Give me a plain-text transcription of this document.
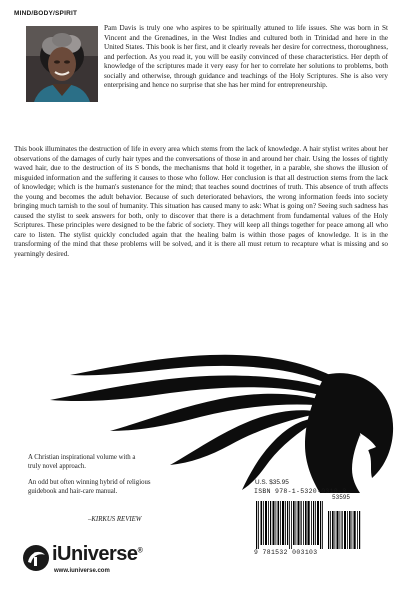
MIND/BODY/SPIRIT
Pam Davis is truly one who aspires to be spiritually attuned to life issues. She was born in St Vincent and the Grenadines, in the West Indies and cultured both in Trinidad and here in the United States. This book is her first, and it clearly reveals her desire for correctness, thoroughness, and perfection. As you read it, you will be easily convinced of these characteristics. Her depth of knowledge of the scriptures made it very easy for her to correlate her solutions to problems, both socially and otherwise, through guidance and teachings of the Holy Scriptures. She is also very enterprising and hence no surprise that she has her mind for entrepreneurship.
This book illuminates the destruction of life in every area which stems from the lack of knowledge. A hair stylist writes about her observations of the damages of curly hair types and the conversations of those in and around her chair. Using the losses of tightly waved hair, due to the destruction of its S bonds, the mechanisms that hold it together, in a parable, she shows the illusion of misguided information and the suffering it causes to those who follow. Her conclusion is that all destruction stems from the lack of knowledge; which is the human's sustenance for the mind; that teaches sound doctrines of truth. This absence of truth affects the young and becomes the adult behavior. Because of such deteriorated behaviors, the wrong information feeds into society bringing much tarnish to the soul of humanity. This situation has caused many to ask: What is going on? Seeing such sadness has caused the stylist to seek answers for both, only to discover that there is a detachment from fundamental values of the Holy Scriptures. These principles were designed to be the fabric of society. They will keep all things together for peace among all who care to listen. The stylist quickly concluded again that the healing balm is within those pages of knowledge. It is in the transforming of the mind that these problems will be solved, and it is there all must return to recapture what is missing and so yearningly desired.
A Christian inspirational volume with a truly novel approach.
An odd but often winning hybrid of religious guidebook and hair-care manual.
–KIRKUS REVIEW
iUniverse®
www.iuniverse.com
U.S. $35.95
ISBN 978-1-5320-0310-3
53595
9 781532 003103
